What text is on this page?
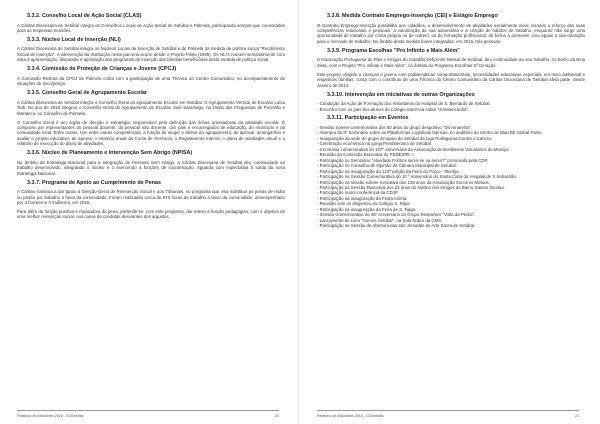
3.3.2. Conselho Local de Ação Social (CLAS)

A Cáritas Diocesana de Setúbal integra os Conselhos Locais de Ação Social de Setúbal e Palmela, participando sempre que convocados para as respetivas reuniões.

3.3.3. Núcleo Local de Inserção (NLI)

A Cáritas Diocesana de Setúbal integra os Núcleos Locais de Inserção de Setúbal e de Palmela da medida de política social "Rendimento Social de Inserção". A intervenção da Instituição neste parceria ocorre desde o Projeto-Piloto (1996). Os NLI's reúnem semanalmente com vista à apresentação, discussão e aprovação dos programas de inserção das famílias beneficiárias desta medida de política social.

3.3.4. Comissão de Proteção de Crianças e Jovens (CPCJ)

A Comissão Restrita da CPCJ de Palmela conta com a participação de uma Técnica do Centro Comunitário, no acompanhamento de situações de risco/perigo.

3.3.5. Conselho Geral de Agrupamento Escolar

A Cáritas Diocesana de Setúbal integra o Conselho Geral do Agrupamento Escolar em Setúbal: O Agrupamento Vertical de Escolas Luísa Todi. No ano de 2016 integrou o Conselho Geral do Agrupamento de Escolas José Saramago, na União das Freguesias de Poceirão e Marateca, no Conselho de Palmela.

O Conselho Geral é um órgão de direção e estratégia, responsável pela definição das linhas orientadoras da atividade escolar. É composto por representantes do pessoal docente, do pessoal não docente, dos pais e encarregados de educação, do município e da comunidade local. Entre outras, tem entre outras competências, a função de eleger o diretor do agrupamento, de aprovar, acompanhar e avaliar o projeto educativo, de aprovar o relatório anual da Conta de Gerência, o Regulamento Interno, o plano de atividades anual e o relatório de execução do plano de atividades.

3.3.6. Núcleo de Planeamento e Intervenção Sem Abrigo (NPISA)

No âmbito da Estratégia Nacional para a Integração de Pessoas Sem Abrigo, a Cáritas Diocesana de Setúbal deu continuidade ao trabalho desenvolvido, integrando o núcleo e o exercendo a funções de coordenação. Aguarda com expectativa a saída da nova Estratégia Nacional.

3.3.7. Programa de Apoio ao Cumprimento de Penas

A Cáritas continua a dar apoio à Direção Geral de Reinserção Social e aos Tribunais, no programa que visa substituir as penas de multa ou prisão por trabalho a favor da comunidade. Foram realizadas cerca de 970 horas de trabalho a favor da comunidade, desempenhado por 4 homens e 4 mulheres, em 2016.

Para além da função punitiva e reparadora da pena, pretende-se, com este programa, dar relevo à função pedagógica, com o objetivo de uma melhor reinserção social, nos casos de condutas desviantes dos arguidos.

Relatório de Atividades 2016 - CDSetúbal	20
3.3.8. Medida Contrato Emprego-Inserção (CEI) e Estágio Emprego

O Contrato Emprego-Inserção possibilita aos cidadãos, o desenvolvimento de atividades socialmente úteis, visando o reforço das suas competências relacionais e pessoais, a valorização da sua autoestima e a criação de hábitos de trabalho, enquanto não surge uma oportunidade de trabalho por conta própria ou de outrem, ou de formação profissional, de forma a promover e/ou apoiar a sua transição para o mercado de trabalho. No âmbito desta medida foram integradas, em 2016, três pessoas.

3.3.9. Programa Escolhas "Pro Infinito e Mais Além"

A Associação Portuguesa de Pais e Amigos do Cidadão Deficiente Mental de Setúbal, deu continuidade ao seu trabalho, no bairro da Bela Vista, com o Projeto "Pro Infinito e Mais Além", no âmbito do Programa Escolhas 5ª Geração.

Este projeto, dirigido a crianças e jovens com problemáticas comportamentais, necessidades educativas especiais, em risco ambiental e respetivas famílias, conta com o contributo de uma Técnica do Centro Comunitário da Cáritas Diocesana de Setúbal afeta parte, desde Janeiro de 2013.

3.3.10. Intervenção em iniciativas de outras Organizações

- Condução da Ação de Formação dos Voluntários do Hospital de S. Bernardo de Setúbal.

- Encontro com os pais dos alunos do Colégio Sant'Ana sobre "A Misericórdia".

3.3.11. Participação em Eventos

- Sessão Solene comemorativa dos 60 anos do grupo desportivo "Os Amarelos".

- Abertura do 8º Seminário sobre as Plataformas Logísticas Ibéricas, no auditório do Centro de Blau Bb Global Parks.

- Inauguração da sede do grupo de apoio de Setúbal da Liga Portuguesa Contra o Cancro.

- Celebração ecuménica na igreja Presbiteriana de Setúbal.

- Cerimónia comemorativa do 107º Aniversário da Associação de Bombeiros Voluntários do Montijo.

- Reunião da Comissão Executiva do PEDESPE +.

- Participação no Seminário "Atividade Política servir-se ou servir?" promovida pela CDP.

- Participação no Conselho de Opinião da Câmara Municipal de Setúbal.

- Participação na inauguração da 123ª edição da Feira do Porco - Montijo.

- Participação na Sessão Comemorativa do 10 º Aniversário do Santa Casa do Hospital de S.Sebastião.

- Participação na sessão solene evocativa dos 128 anos da Associação Socorros Mútuos.

- Participação na Sessão Evocativa dos 23 anos do Núcleo dos Amigos do Bairro Santos Nicolau.

- Participação numa conferência da CDJP.

- Participação na inauguração da Festa Anima.

- Reunião com os dirigentes do Colégio S. Filipe.

- Participação na inauguração da Feira de S. Tiago.

- Sessão Comemorativa do 45º Aniversário do Grupo Desportivo "Volta da Pedra".

- Lançamento do Livro "Somos Setúbal", na Sala Nobre da CMS.

- Participação na Sessão de Abertura das 2as Jornadas de Arte Sacra de Setúbal.

Relatório de Atividades 2016 - CDSetúbal	21
